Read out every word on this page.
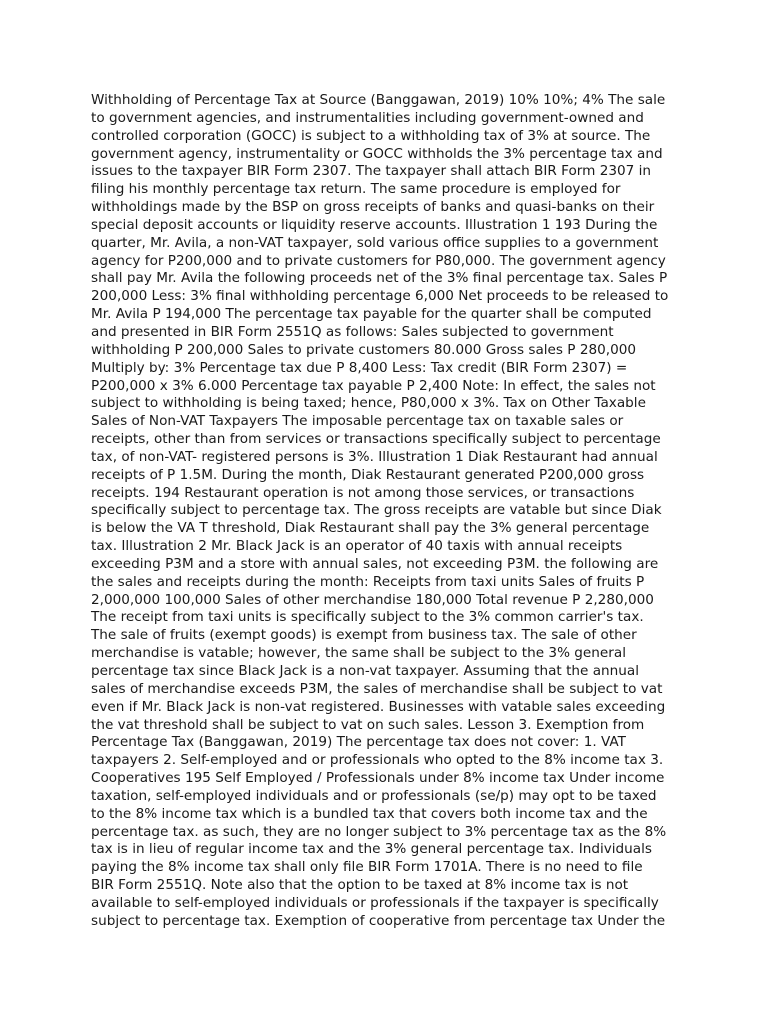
Withholding of Percentage Tax at Source (Banggawan, 2019) 10% 10%; 4% The sale
to government agencies, and instrumentalities including government-owned and
controlled corporation (GOCC) is subject to a withholding tax of 3% at source. The
government agency, instrumentality or GOCC withholds the 3% percentage tax and
issues to the taxpayer BIR Form 2307. The taxpayer shall attach BIR Form 2307 in
filing his monthly percentage tax return. The same procedure is employed for
withholdings made by the BSP on gross receipts of banks and quasi-banks on their
special deposit accounts or liquidity reserve accounts. Illustration 1 193 During the
quarter, Mr. Avila, a non-VAT taxpayer, sold various office supplies to a government
agency for P200,000 and to private customers for P80,000. The government agency
shall pay Mr. Avila the following proceeds net of the 3% final percentage tax. Sales P
200,000 Less: 3% final withholding percentage 6,000 Net proceeds to be released to
Mr. Avila P 194,000 The percentage tax payable for the quarter shall be computed
and presented in BIR Form 2551Q as follows: Sales subjected to government
withholding P 200,000 Sales to private customers 80.000 Gross sales P 280,000
Multiply by: 3% Percentage tax due P 8,400 Less: Tax credit (BIR Form 2307) =
P200,000 x 3% 6.000 Percentage tax payable P 2,400 Note: In effect, the sales not
subject to withholding is being taxed; hence, P80,000 x 3%. Tax on Other Taxable
Sales of Non-VAT Taxpayers The imposable percentage tax on taxable sales or
receipts, other than from services or transactions specifically subject to percentage
tax, of non-VAT- registered persons is 3%. Illustration 1 Diak Restaurant had annual
receipts of P 1.5M. During the month, Diak Restaurant generated P200,000 gross
receipts. 194 Restaurant operation is not among those services, or transactions
specifically subject to percentage tax. The gross receipts are vatable but since Diak
is below the VA T threshold, Diak Restaurant shall pay the 3% general percentage
tax. Illustration 2 Mr. Black Jack is an operator of 40 taxis with annual receipts
exceeding P3M and a store with annual sales, not exceeding P3M. the following are
the sales and receipts during the month: Receipts from taxi units Sales of fruits P
2,000,000 100,000 Sales of other merchandise 180,000 Total revenue P 2,280,000
The receipt from taxi units is specifically subject to the 3% common carrier's tax.
The sale of fruits (exempt goods) is exempt from business tax. The sale of other
merchandise is vatable; however, the same shall be subject to the 3% general
percentage tax since Black Jack is a non-vat taxpayer. Assuming that the annual
sales of merchandise exceeds P3M, the sales of merchandise shall be subject to vat
even if Mr. Black Jack is non-vat registered. Businesses with vatable sales exceeding
the vat threshold shall be subject to vat on such sales. Lesson 3. Exemption from
Percentage Tax (Banggawan, 2019) The percentage tax does not cover: 1. VAT
taxpayers 2. Self-employed and or professionals who opted to the 8% income tax 3.
Cooperatives 195 Self Employed / Professionals under 8% income tax Under income
taxation, self-employed individuals and or professionals (se/p) may opt to be taxed
to the 8% income tax which is a bundled tax that covers both income tax and the
percentage tax. as such, they are no longer subject to 3% percentage tax as the 8%
tax is in lieu of regular income tax and the 3% general percentage tax. Individuals
paying the 8% income tax shall only file BIR Form 1701A. There is no need to file
BIR Form 2551Q. Note also that the option to be taxed at 8% income tax is not
available to self-employed individuals or professionals if the taxpayer is specifically
subject to percentage tax. Exemption of cooperative from percentage tax Under the
